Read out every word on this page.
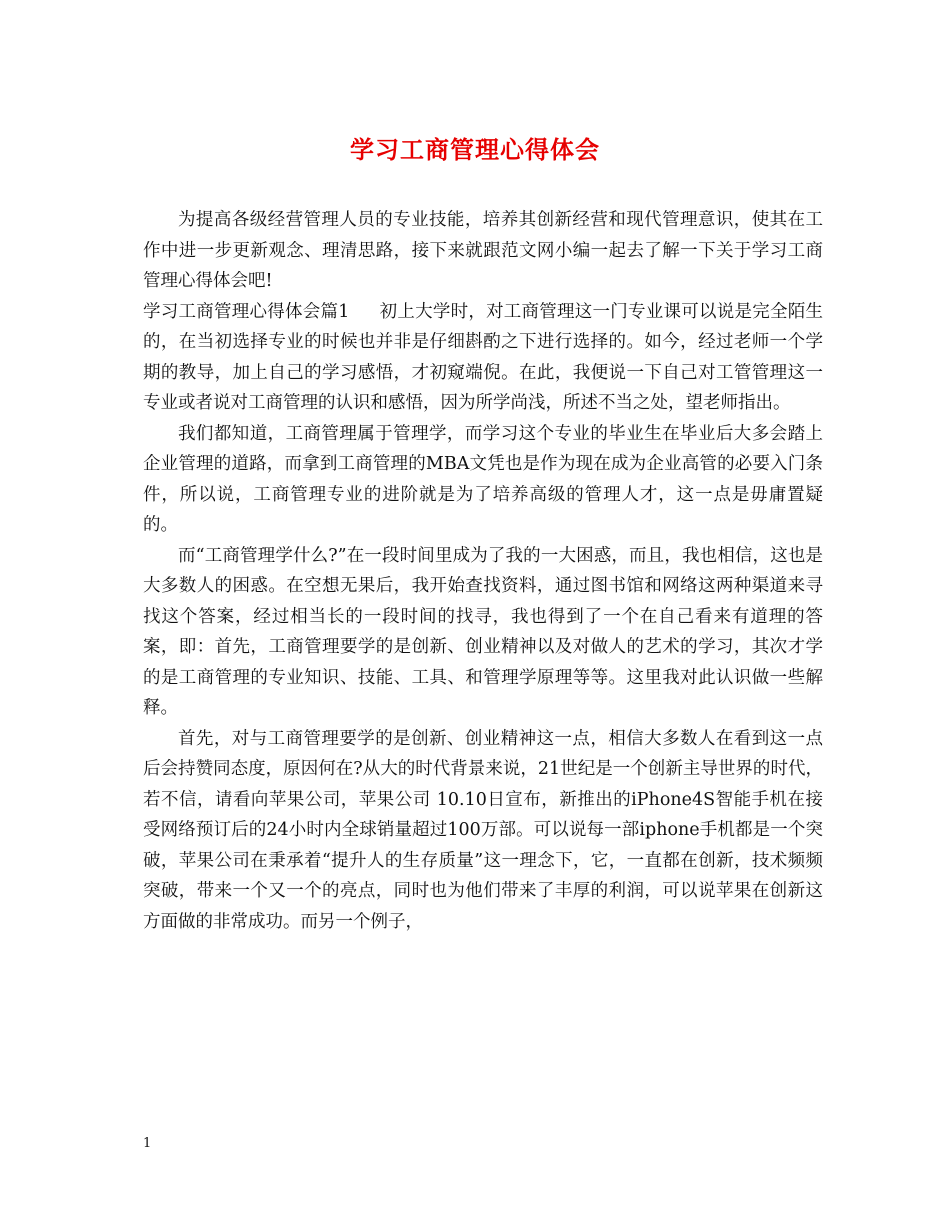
学习工商管理心得体会

为提高各级经营管理人员的专业技能，培养其创新经营和现代管理意识，使其在工作中进一步更新观念、理清思路，接下来就跟范文网小编一起去了解一下关于学习工商管理心得体会吧!

学习工商管理心得体会篇1 初上大学时，对工商管理这一门专业课可以说是完全陌生的，在当初选择专业的时候也并非是仔细斟酌之下进行选择的。如今，经过老师一个学期的教导，加上自己的学习感悟，才初窥端倪。在此，我便说一下自己对工管管理这一专业或者说对工商管理的认识和感悟，因为所学尚浅，所述不当之处，望老师指出。

我们都知道，工商管理属于管理学，而学习这个专业的毕业生在毕业后大多会踏上企业管理的道路，而拿到工商管理的MBA文凭也是作为现在成为企业高管的必要入门条件，所以说，工商管理专业的进阶就是为了培养高级的管理人才，这一点是毋庸置疑的。

而“工商管理学什么?”在一段时间里成为了我的一大困惑，而且，我也相信，这也是大多数人的困惑。在空想无果后，我开始查找资料，通过图书馆和网络这两种渠道来寻找这个答案，经过相当长的一段时间的找寻，我也得到了一个在自己看来有道理的答案，即：首先，工商管理要学的是创新、创业精神以及对做人的艺术的学习，其次才学的是工商管理的专业知识、技能、工具、和管理学原理等等。这里我对此认识做一些解释。

首先，对与工商管理要学的是创新、创业精神这一点，相信大多数人在看到这一点后会持赞同态度，原因何在?从大的时代背景来说，21世纪是一个创新主导世界的时代，若不信，请看向苹果公司，苹果公司 10.10日宣布，新推出的iPhone4S智能手机在接受网络预订后的24小时内全球销量超过100万部。可以说每一部iphone手机都是一个突破，苹果公司在秉承着“提升人的生存质量”这一理念下，它，一直都在创新，技术频频突破，带来一个又一个的亮点，同时也为他们带来了丰厚的利润，可以说苹果在创新这方面做的非常成功。而另一个例子，

1
